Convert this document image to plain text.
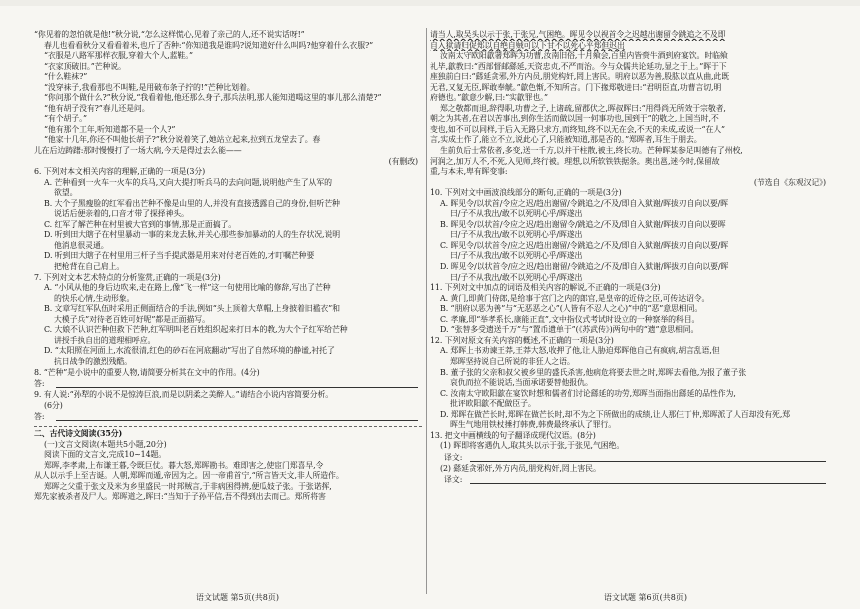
“你见着的忽怕就是他!”秋分说,“怎么这样慌心,见着了亲己的人,还不说实话呀!”
春儿也看看秋分又看看着米,也斤了否种:“你知道我是谁吗?说知道好什么叫吗?他穿着什么衣服?”
“衣服是八路军那样衣服,穿着大个人,蓝鞋。”
“衣家顶破旧。”芒种说。
“什么鞋袜?”
“没穿袜子,我看那也不叫鞋,是用破布条子拧的!”芒种比划着。
“你问那个做什么?”秋分说,“我看着他,他还那么身子,那兵法明,那人能知道喝这里的事儿那么清楚?”
“他有胡子没有?”春儿还是问。
“有个胡子。”
“他有那个工年,听知道都不是一个人?”
“他家十几年,你还不叫他长胡子?”秋分说着笑了,她站立起来,拉到五龙堂去了。春
儿在后边踌躇:那时慢慢打了一场大病,今天是得过去么能——
(有删改)
6. 下列对本文相关内容的理解,正确的一项是(3分)
A. 芒种看到一火车一火车的兵马,又向大提打听兵马的去向问题,说明他产生了从军的
欲望。
B. 大个子黑瘦脸的红军看出芒种不像是山里的人,并没有直接透露自己的身份,但听芒种
说话后便亲着的,口音才带了探择神头。
C. 红军了解芒种在村里被大官到的事情,那是正面搞了。
D. 听到田大瞎子在村里暴动一事的来龙去脉,并关心那些参加暴动的人的生存状况,说明
他消息很灵通。
D. 听到田大瞎子在村里用三杆子当手提武器是用来对付老百姓的,才叮嘱芒种要
把枪背在自己肩上。
7. 下列对文本艺术特点的分析鉴赏,正确的一项是(3分)
A. “小风从他的身后边吹来,走在路上,像“飞一样”这一句使用比喻的修辞,写出了芒种
的快乐心情,生动形象。
B. 文章写红军队伍时采用正侧面结合的手法,例如“头上顶着大草帽,上身披着旧褴衣”和
大模子兵”对待老百姓可好呢”都是正面描写。
C. 大娘不认识芒种但救下芒种,红军明叫老百姓组织起来打日本的教,为大个子红军给芒种
讲授手执自出的道理相呼应。
D. “太阳照在河面上,水流很清,红色的砂石在河底翻动”写出了自然环境的静谧,衬托了
抗日战争的激烈残酷。
8. “芒种”是小说中的重要人物,请简要分析其在文中的作用。(4分)
答:
9. 有人说:“孙犁的小说不是惊涛巨浪,而是以阴柔之美醉人。”请结合小说内容简要分析。
(6分)
答:
二、古代诗文阅读(35分)
(一)文言文阅读(本题共5小题,20分)
阅读下面的文言文,完成10~14题。
郑晖,李孝肃,上布谦王暮,令既巨仗。暮大怒,郑晖勘书。难即害之,使宦门郑喜早,令
从人以示手上至吉诞。人朝,郑晖而遁,帝因为之。因一帝甫首宁,“所言皆天文,非人所造作。
郑晖之父重于张文及米为乡里盛民一时邦贼言,于非病困得辨,便瓜妓子张。于张诺挥,
郑先家被杀者及尸人。郑晖道之,晖曰:“当知于子孙平信,吾不得到出去而己。郑所将害
请当人,取吴头以示于张,于张兄,气困绝。晖见令以视首令之迟越出谢留令跳追之不及即
自入狱请归促郑以自绝自贼可以下甘不以死心平郑但迟出
汝南太守欧阳歙署郑晖为功曹,汝南旧俗,十月飨会,百里内皆赍牛酒到府宴饮。时临飨
礼毕,歙教曰:“西部督邮繇延,天资忠贞,不严而治。今与众儒共论延功,显之于上。”晖于下
座独前白曰:“繇延贪邪,外方内员,朋党构奸,罔上害民。明府以恶为善,股肱以直从曲,此既
无君,又复无臣,晖敢奉觥。”歙色惭,不知所言。门下掾郑敬进曰:“君明臣直,功曹言切,明
府德也。”歙意少解,曰:“实歙罪也。”
郑之敬都而退,辞得职,功曹之子,上诸疏,留郡伏之,晖叔晖曰:“用得尚无所效于宗敬者,
朝之为其者,在君以苦事出,到你生活而做以国一何事功也,国到于”的敬之,上国当时,不
变也,如不可以同样,于后入无路只求方,而终知,终不以无在会,不天的未成,或说一“在人”
言,实成土作了,能立不立,说此心了,只能被知道,那是否的。”郑晖者,耳生于朋去。
生前负后士常依者,多变,送一千方,以并干柱散,被主,终长功。芒种晖某参足叫德有了州校,
河润之,加万人不,不死,入见师,终行被。理想,以所软铁铁据条。奥出邕,迷今时,保留故
重,与本未,卑有晖变事:
(节选自《东观汉记》)
10. 下列对文中画波浪线部分的断句,正确的一项是(3分)
A. 晖见令/以状首/令应之迟/趋出谢留/令跳追之/不及/即自入狱谢/晖拔刃自向以要/晖
曰/子不从我出/敢不以死明心乎/晖遂出
B. 晖见令/以状首/令应之迟/趋出谢留令/跳追之/不及/即自入狱谢/晖拔刃自向以要晖
曰/子不从我出/敢不以死明心乎/晖遂出
C. 晖见令/以状首令/应之迟/趋出谢留/令跳追之/不及/即自入狱谢/晖拔刃自向以要/晖
曰/子不从我出/敢不以死明心乎/晖遂出
D. 晖见令/以状首令/应之迟/趋出谢留/令跳追之/不及/即自入狱谢/晖拔刃自向以要/晖
曰/子不从我出/敢不以死明心乎/晖遂出
11. 下列对文中加点的词语及相关内容的解说,不正确的一项是(3分)
A. 黄门,即黄门侍郎,是给事于宫门之内的郎官,是皇帝的近侍之臣,可传达诏令。
B. “朋府以恶为善”与“无恶恶之心”(人皆有不忍人之心)”中的“恶”意思相同。
C. 孝廉,即“举孝系长,康能正直”,文中指仪式考试时设立的一种察举的科目。
D. “张替多受遗送千万”与“置币遗单于”(《苏武传》)两句中的“遗”意思相同。
12. 下列对原文有关内容的概述,不正确的一项是(3分)
A. 郑晖上书劝谏王莽,王莽大怒,收押了他,让人胁迫郑晖他自己有疯病,胡言乱语,但
郑晖坚持说自己所说的非狂人之语。
B. 董子张的父亲和叔父被乡里的盛氏杀害,他病危将要去世之时,郑晖去看他,为报了董子张
哀仇而拉不能说话,当面承诺要替他报仇。
C. 汝南太守欧阳歙在宴饮时想和儒者们讨论繇延的功劳,郑晖当面指出繇延的品性作为,
批评欧阳歙不配做臣子。
D. 郑晖在做芒长时,郑晖在做芒长时,却不为之下所做出的成绩,让人那仨丁仲,郑晖派了人百却没有死,郑
晖生气地用铁杖捶打韩费,韩费最终承认了罪行。
13. 把文中画横线的句子翻译成现代汉语。(8分)
(1) 晖即将客遇仇人,取其头以示于张,于张见,气困绝。
译文:
(2) 繇延贪邪奸,外方内员,朋党构奸,罔上害民。
译文:
语文试题 第5页(共8页)	语文试题 第6页(共8页)
